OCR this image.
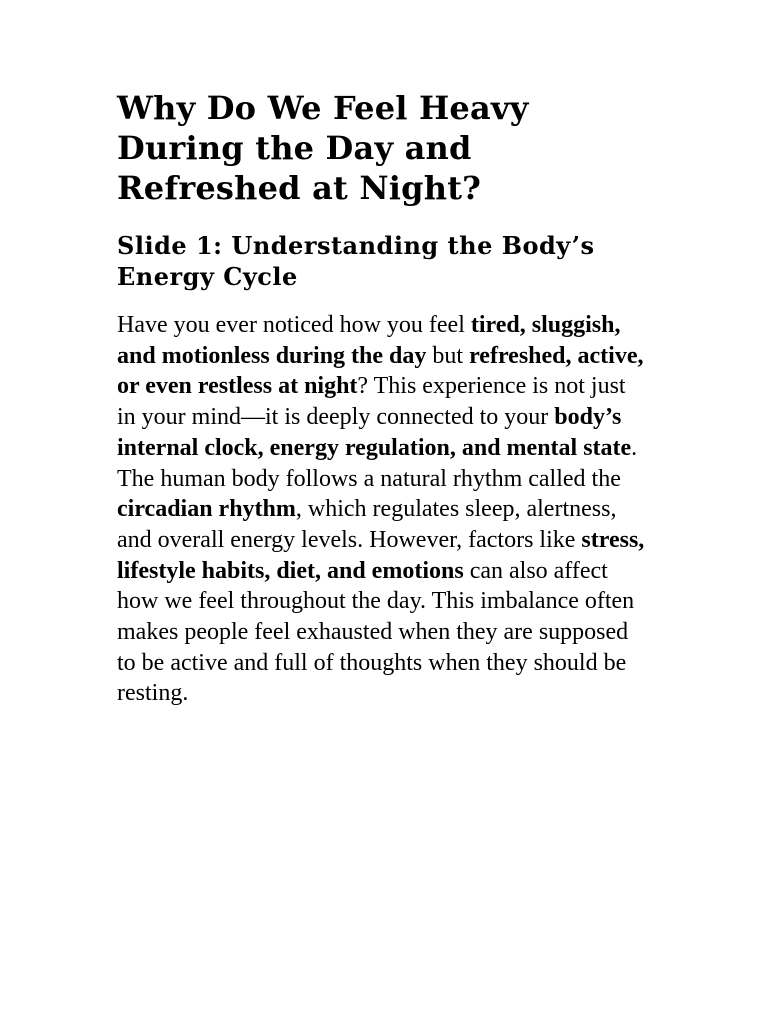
Why Do We Feel Heavy During the Day and Refreshed at Night?
Slide 1: Understanding the Body’s Energy Cycle

Have you ever noticed how you feel tired, sluggish, and motionless during the day but refreshed, active, or even restless at night? This experience is not just in your mind—it is deeply connected to your body’s internal clock, energy regulation, and mental state. The human body follows a natural rhythm called the circadian rhythm, which regulates sleep, alertness, and overall energy levels. However, factors like stress, lifestyle habits, diet, and emotions can also affect how we feel throughout the day. This imbalance often makes people feel exhausted when they are supposed to be active and full of thoughts when they should be resting.
